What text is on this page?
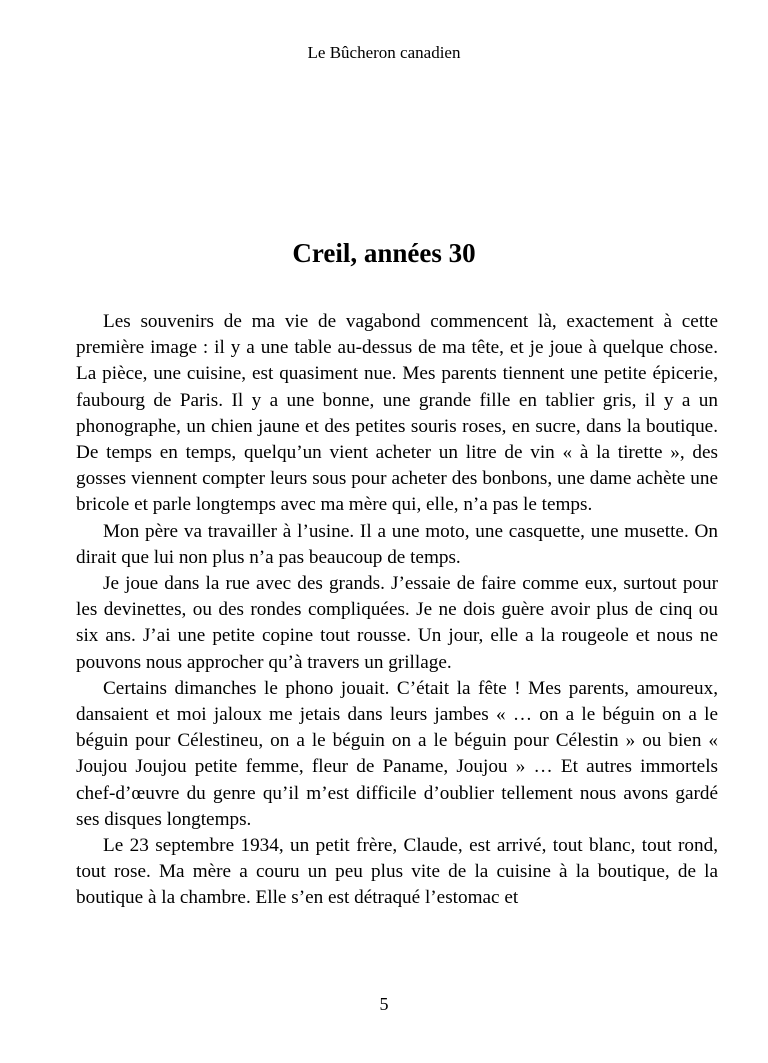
Le Bûcheron canadien
Creil, années 30

Les souvenirs de ma vie de vagabond commencent là, exactement à cette première image : il y a une table au-dessus de ma tête, et je joue à quelque chose. La pièce, une cuisine, est quasiment nue. Mes parents tiennent une petite épicerie, faubourg de Paris. Il y a une bonne, une grande fille en tablier gris, il y a un phonographe, un chien jaune et des petites souris roses, en sucre, dans la boutique. De temps en temps, quelqu’un vient acheter un litre de vin « à la tirette », des gosses viennent compter leurs sous pour acheter des bonbons, une dame achète une bricole et parle longtemps avec ma mère qui, elle, n’a pas le temps.

Mon père va travailler à l’usine. Il a une moto, une casquette, une musette. On dirait que lui non plus n’a pas beaucoup de temps.

Je joue dans la rue avec des grands. J’essaie de faire comme eux, surtout pour les devinettes, ou des rondes compliquées. Je ne dois guère avoir plus de cinq ou six ans. J’ai une petite copine tout rousse. Un jour, elle a la rougeole et nous ne pouvons nous approcher qu’à travers un grillage.

Certains dimanches le phono jouait. C’était la fête ! Mes parents, amoureux, dansaient et moi jaloux me jetais dans leurs jambes « … on a le béguin on a le béguin pour Célestineu, on a le béguin on a le béguin pour Célestin » ou bien « Joujou Joujou petite femme, fleur de Paname, Joujou » … Et autres immortels chef-d’œuvre du genre qu’il m’est difficile d’oublier tellement nous avons gardé ses disques longtemps.

Le 23 septembre 1934, un petit frère, Claude, est arrivé, tout blanc, tout rond, tout rose. Ma mère a couru un peu plus vite de la cuisine à la boutique, de la boutique à la chambre. Elle s’en est détraqué l’estomac et

5
